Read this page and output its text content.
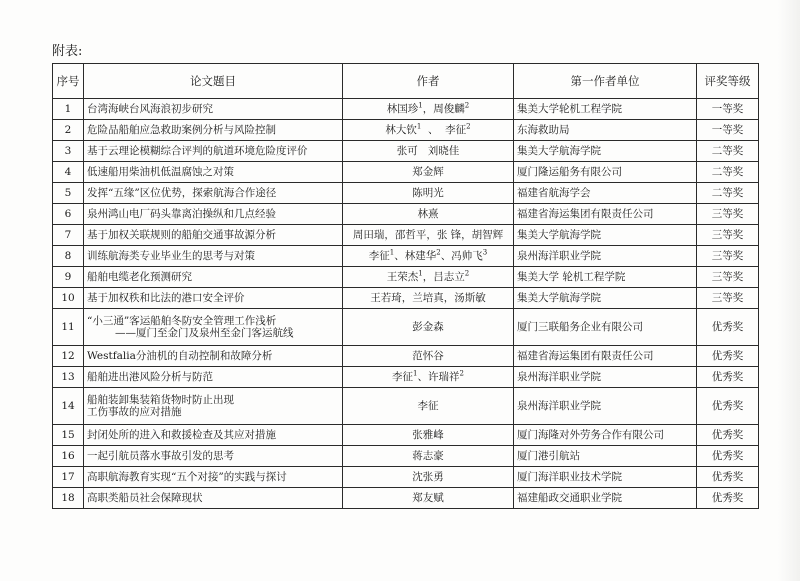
附表:
序号	论文题目	作者	第一作者单位	评奖等级
1	台湾海峡台风海浪初步研究	林国珍$^1$，周俊麟$^2$	集美大学轮机工程学院	一等奖
2	危险品船舶应急救助案例分析与风险控制	林大钦$^1$  、  李征$^2$	东海救助局	一等奖
3	基于云理论模糊综合评判的航道环境危险度评价	张可   刘晓佳	集美大学航海学院	二等奖
4	低速船用柴油机低温腐蚀之对策	郑金辉	厦门隆运船务有限公司	二等奖
5	发挥“五缘”区位优势，探索航海合作途径	陈明光	福建省航海学会	二等奖
6	泉州鸿山电厂码头靠离泊操纵和几点经验	林熹	福建省海运集团有限责任公司	三等奖
7	基于加权关联规则的船舶交通事故源分析	周田瑞，邵哲平，张 锋，胡智辉	集美大学航海学院	三等奖
8	训练航海类专业毕业生的思考与对策	李征$^1$、林建华$^2$、冯帅飞$^3$	泉州海洋职业学院	三等奖
9	船舶电缆老化预测研究	王荣杰$^1$，吕志立$^2$	集美大学 轮机工程学院	三等奖
10	基于加权秩和比法的港口安全评价	王若琦，兰培真，汤斯敏	集美大学航海学院	三等奖
11	“小三通”客运船舶冬防安全管理工作浅析
——厦门至金门及泉州至金门客运航线	彭金森	厦门三联船务企业有限公司	优秀奖
12	Westfalia分油机的自动控制和故障分析	范怀谷	福建省海运集团有限责任公司	优秀奖
13	船舶进出港风险分析与防范	李征$^1$、许瑞祥$^2$	泉州海洋职业学院	优秀奖
14	船舶装卸集装箱货物时防止出现
工伤事故的应对措施	李征	泉州海洋职业学院	优秀奖
15	封闭处所的进入和救援检查及其应对措施	张雅峰	厦门海隆对外劳务合作有限公司	优秀奖
16	一起引航员落水事故引发的思考	蒋志豪	厦门港引航站	优秀奖
17	高职航海教育实现“五个对接”的实践与探讨	沈张勇	厦门海洋职业技术学院	优秀奖
18	高职类船员社会保障现状	郑友赋	福建船政交通职业学院	优秀奖
